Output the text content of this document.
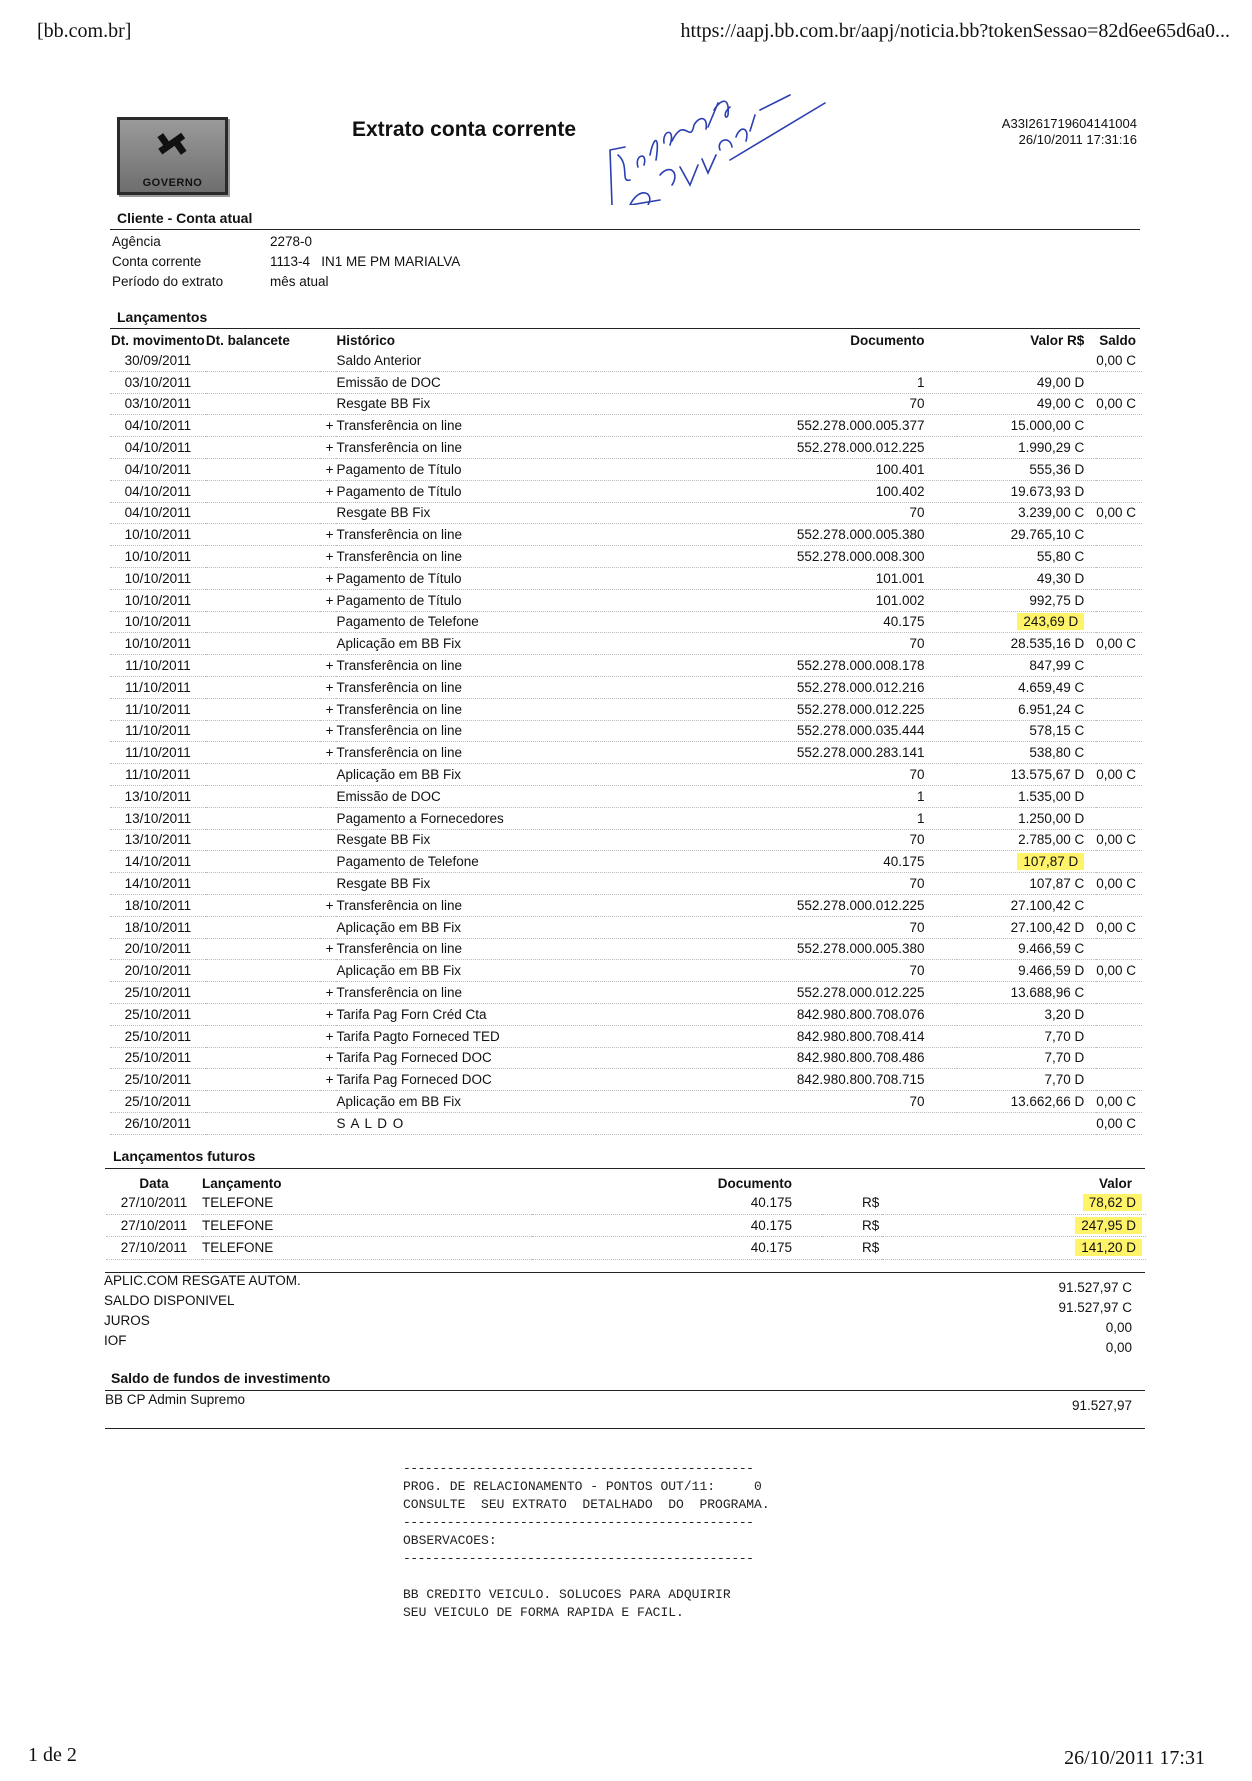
[bb.com.br]	https://aapj.bb.com.br/aapj/noticia.bb?tokenSessao=82d6ee65d6a0...
GOVERNO
Extrato conta corrente	A33I261719604141004
26/10/2011 17:31:16
Cliente - Conta atual
Agência	2278-0
Conta corrente	1113-4   IN1 ME PM MARIALVA
Período do extrato	mês atual
Lançamentos
Dt. movimento	Dt. balancete		Histórico	Documento	Valor R$	Saldo
30/09/2011			Saldo Anterior			0,00 C
03/10/2011			Emissão de DOC	1	49,00 D	
03/10/2011			Resgate BB Fix	70	49,00 C	0,00 C
04/10/2011		+	Transferência on line	552.278.000.005.377	15.000,00 C	
04/10/2011		+	Transferência on line	552.278.000.012.225	1.990,29 C	
04/10/2011		+	Pagamento de Título	100.401	555,36 D	
04/10/2011		+	Pagamento de Título	100.402	19.673,93 D	
04/10/2011			Resgate BB Fix	70	3.239,00 C	0,00 C
10/10/2011		+	Transferência on line	552.278.000.005.380	29.765,10 C	
10/10/2011		+	Transferência on line	552.278.000.008.300	55,80 C	
10/10/2011		+	Pagamento de Título	101.001	49,30 D	
10/10/2011		+	Pagamento de Título	101.002	992,75 D	
10/10/2011			Pagamento de Telefone	40.175	243,69 D	
10/10/2011			Aplicação em BB Fix	70	28.535,16 D	0,00 C
11/10/2011		+	Transferência on line	552.278.000.008.178	847,99 C	
11/10/2011		+	Transferência on line	552.278.000.012.216	4.659,49 C	
11/10/2011		+	Transferência on line	552.278.000.012.225	6.951,24 C	
11/10/2011		+	Transferência on line	552.278.000.035.444	578,15 C	
11/10/2011		+	Transferência on line	552.278.000.283.141	538,80 C	
11/10/2011			Aplicação em BB Fix	70	13.575,67 D	0,00 C
13/10/2011			Emissão de DOC	1	1.535,00 D	
13/10/2011			Pagamento a Fornecedores	1	1.250,00 D	
13/10/2011			Resgate BB Fix	70	2.785,00 C	0,00 C
14/10/2011			Pagamento de Telefone	40.175	107,87 D	
14/10/2011			Resgate BB Fix	70	107,87 C	0,00 C
18/10/2011		+	Transferência on line	552.278.000.012.225	27.100,42 C	
18/10/2011			Aplicação em BB Fix	70	27.100,42 D	0,00 C
20/10/2011		+	Transferência on line	552.278.000.005.380	9.466,59 C	
20/10/2011			Aplicação em BB Fix	70	9.466,59 D	0,00 C
25/10/2011		+	Transferência on line	552.278.000.012.225	13.688,96 C	
25/10/2011		+	Tarifa Pag Forn Créd Cta	842.980.800.708.076	3,20 D	
25/10/2011		+	Tarifa Pagto Forneced TED	842.980.800.708.414	7,70 D	
25/10/2011		+	Tarifa Pag Forneced DOC	842.980.800.708.486	7,70 D	
25/10/2011		+	Tarifa Pag Forneced DOC	842.980.800.708.715	7,70 D	
25/10/2011			Aplicação em BB Fix	70	13.662,66 D	0,00 C
26/10/2011			S A L D O			0,00 C
Lançamentos futuros
Data	Lançamento	Documento		Valor
27/10/2011	TELEFONE	40.175	R$	78,62 D
27/10/2011	TELEFONE	40.175	R$	247,95 D
27/10/2011	TELEFONE	40.175	R$	141,20 D
APLIC.COM RESGATE AUTOM.	91.527,97 C
SALDO DISPONIVEL	91.527,97 C
JUROS	0,00
IOF	0,00
Saldo de fundos de investimento
BB CP Admin Supremo	91.527,97
------------------------------------------------
PROG. DE RELACIONAMENTO - PONTOS OUT/11:     0
CONSULTE  SEU EXTRATO  DETALHADO  DO  PROGRAMA.
------------------------------------------------
OBSERVACOES:
------------------------------------------------
BB CREDITO VEICULO. SOLUCOES PARA ADQUIRIR
SEU VEICULO DE FORMA RAPIDA E FACIL.
1 de 2	26/10/2011 17:31
